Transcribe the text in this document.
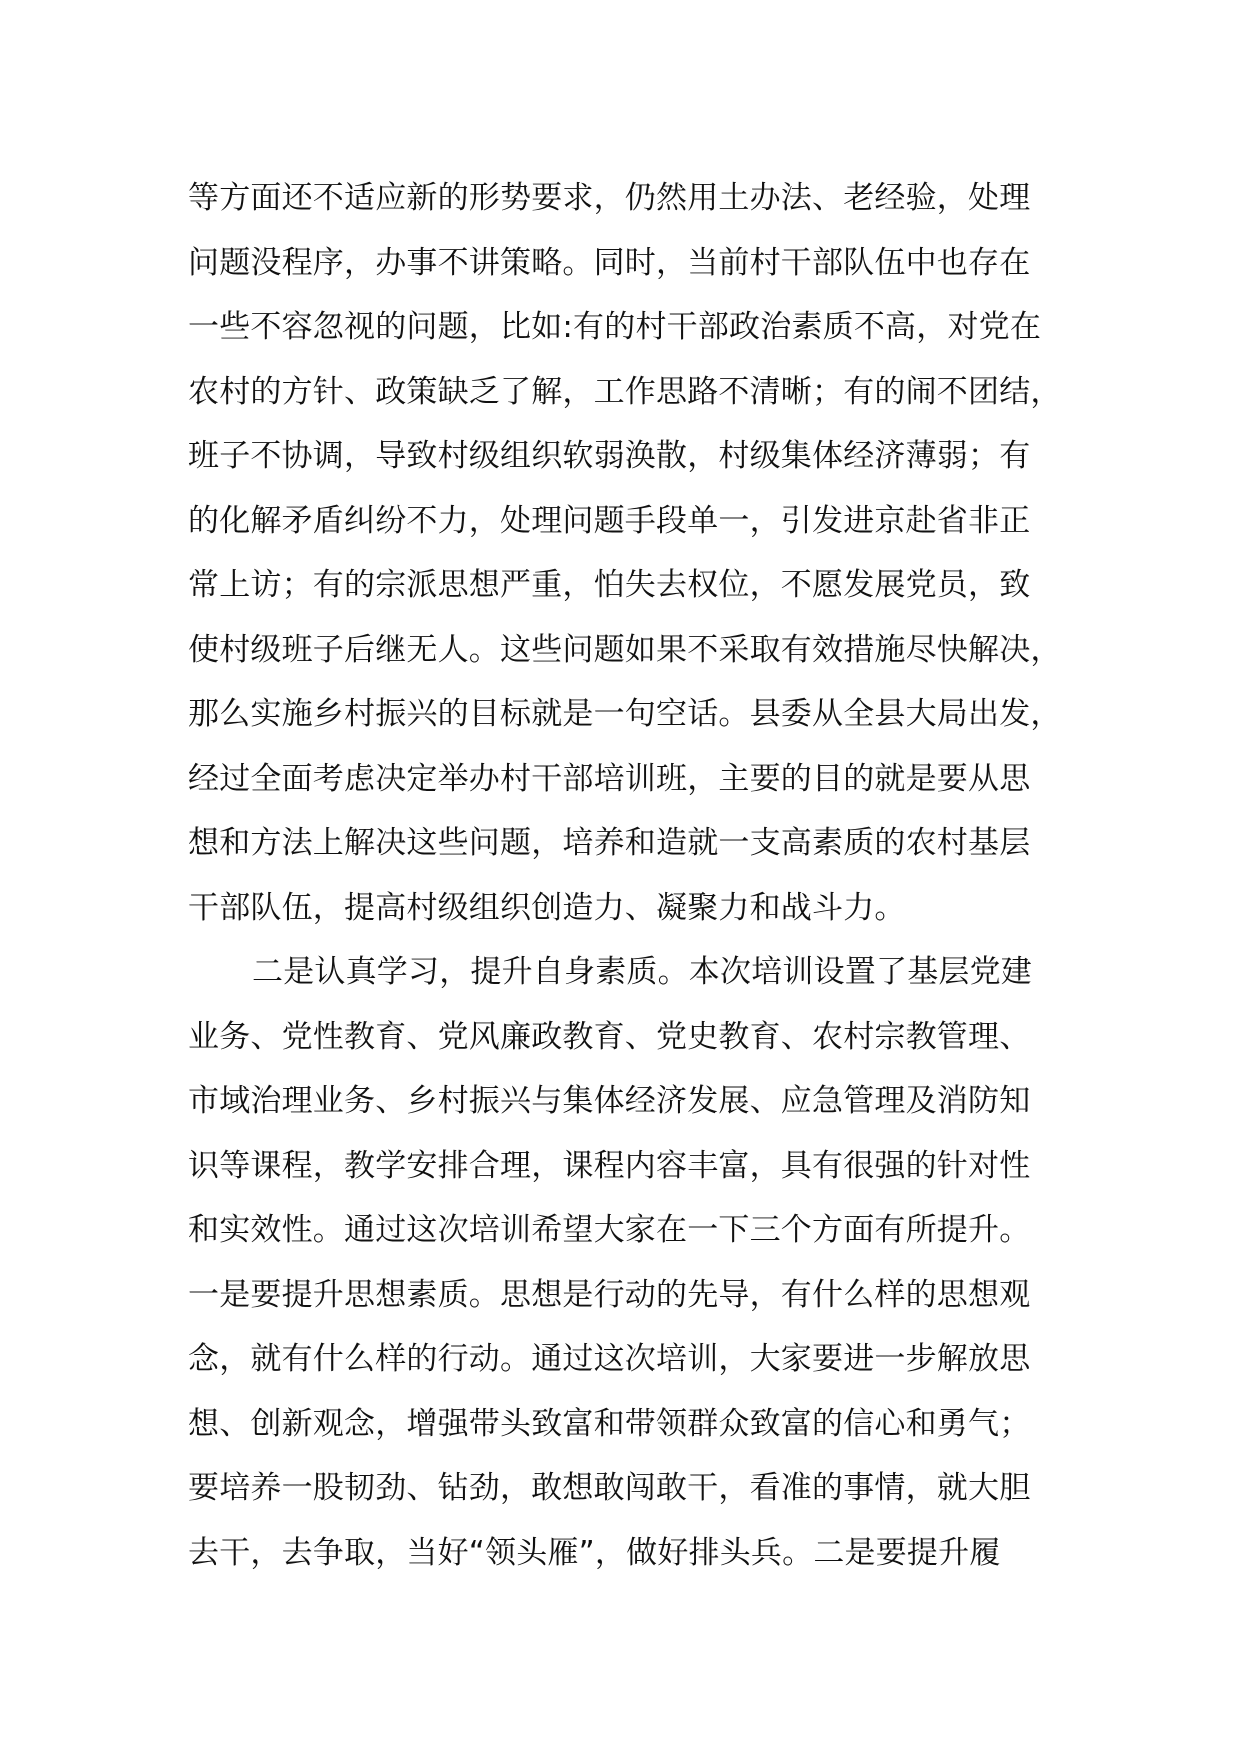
等方面还不适应新的形势要求，仍然用土办法、老经验，处理
问题没程序，办事不讲策略。同时，当前村干部队伍中也存在
一些不容忽视的问题，比如:有的村干部政治素质不高，对党在
农村的方针、政策缺乏了解，工作思路不清晰；有的闹不团结，
班子不协调，导致村级组织软弱涣散，村级集体经济薄弱；有
的化解矛盾纠纷不力，处理问题手段单一，引发进京赴省非正
常上访；有的宗派思想严重，怕失去权位，不愿发展党员，致
使村级班子后继无人。这些问题如果不采取有效措施尽快解决，
那么实施乡村振兴的目标就是一句空话。县委从全县大局出发，
经过全面考虑决定举办村干部培训班，主要的目的就是要从思
想和方法上解决这些问题，培养和造就一支高素质的农村基层
干部队伍，提高村级组织创造力、凝聚力和战斗力。
二是认真学习，提升自身素质。本次培训设置了基层党建
业务、党性教育、党风廉政教育、党史教育、农村宗教管理、
市域治理业务、乡村振兴与集体经济发展、应急管理及消防知
识等课程，教学安排合理，课程内容丰富，具有很强的针对性
和实效性。通过这次培训希望大家在一下三个方面有所提升。
一是要提升思想素质。思想是行动的先导，有什么样的思想观
念，就有什么样的行动。通过这次培训，大家要进一步解放思
想、创新观念，增强带头致富和带领群众致富的信心和勇气；
要培养一股韧劲、钻劲，敢想敢闯敢干，看准的事情，就大胆
去干，去争取，当好“领头雁”，做好排头兵。二是要提升履
